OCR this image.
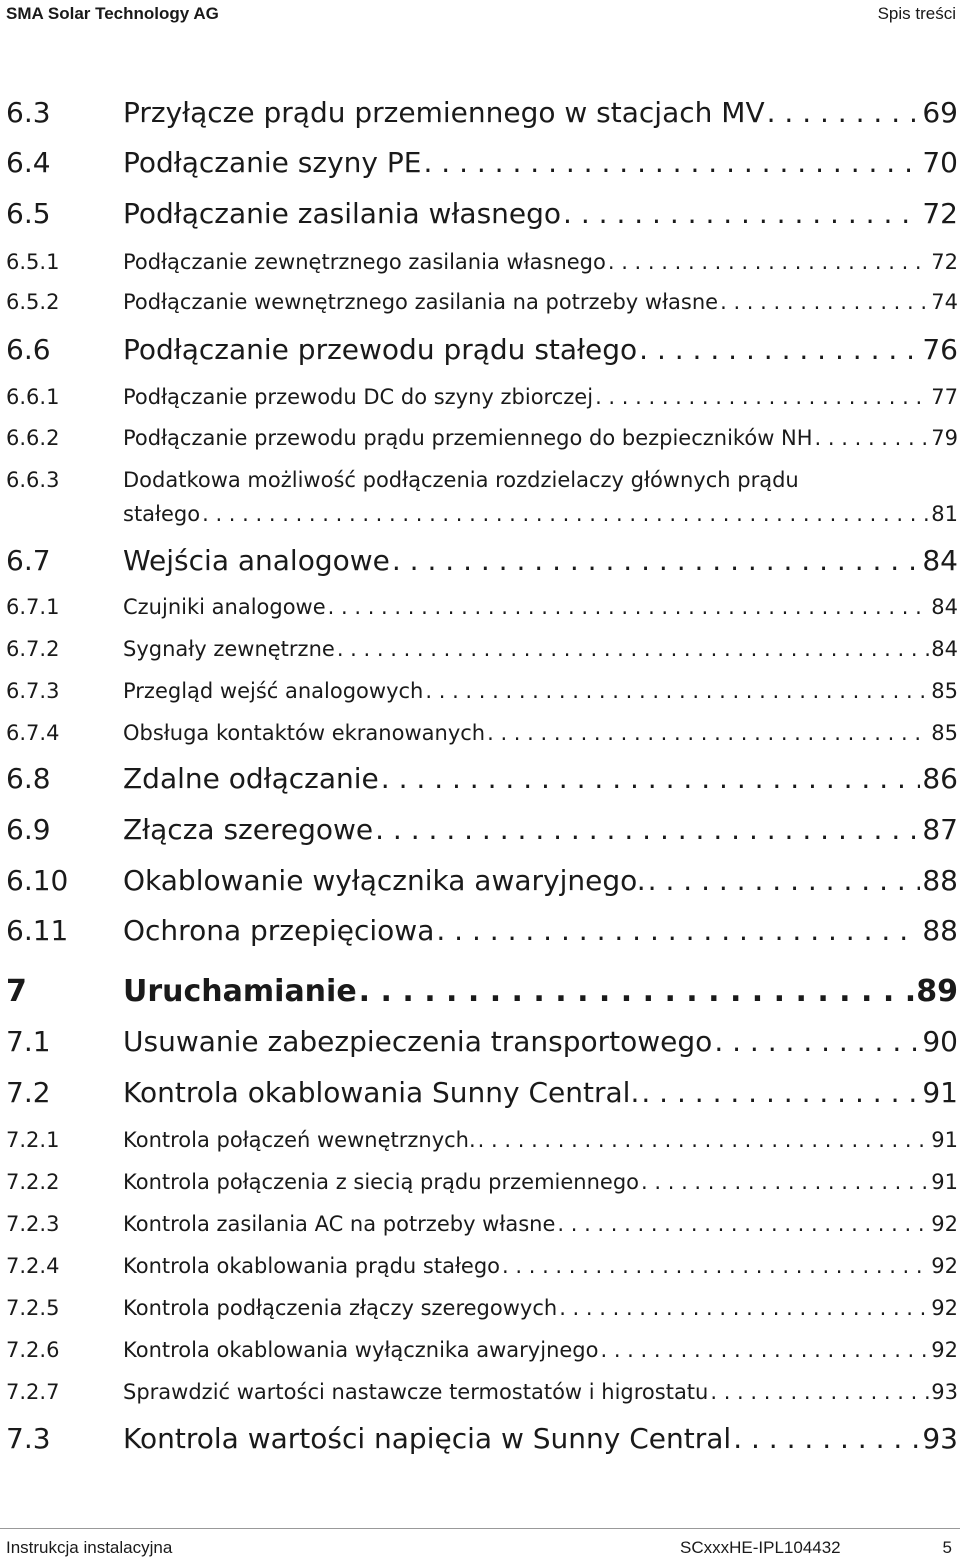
SMA Solar Technology AG	Spis treści
6.3	Przyłącze prądu przemiennego w stacjach MV . . .	69
6.4	Podłączanie szyny PE . . .	70
6.5	Podłączanie zasilania własnego . . .	72
6.5.1	Podłączanie zewnętrznego zasilania własnego . . .	72
6.5.2	Podłączanie wewnętrznego zasilania na potrzeby własne . . .	74
6.6	Podłączanie przewodu prądu stałego . . .	76
6.6.1	Podłączanie przewodu DC do szyny zbiorczej . . .	77
6.6.2	Podłączanie przewodu prądu przemiennego do bezpieczników NH . . .	79
6.6.3	Dodatkowa możliwość podłączenia rozdzielaczy głównych prądu
stałego . . .	81
6.7	Wejścia analogowe . . .	84
6.7.1	Czujniki analogowe . . .	84
6.7.2	Sygnały zewnętrzne . . .	84
6.7.3	Przegląd wejść analogowych . . .	85
6.7.4	Obsługa kontaktów ekranowanych . . .	85
6.8	Zdalne odłączanie . . .	86
6.9	Złącza szeregowe . . .	87
6.10 Okablowanie wyłącznika awaryjnego. . . .	88
6.11 Ochrona przepięciowa . . .	88
7	Uruchamianie . . .	89
7.1	Usuwanie zabezpieczenia transportowego . . .	90
7.2	Kontrola okablowania Sunny Central. . . .	91
7.2.1	Kontrola połączeń wewnętrznych. . . .	91
7.2.2	Kontrola połączenia z siecią prądu przemiennego . . .	91
7.2.3	Kontrola zasilania AC na potrzeby własne . . .	92
7.2.4	Kontrola okablowania prądu stałego . . .	92
7.2.5	Kontrola podłączenia złączy szeregowych . . .	92
7.2.6	Kontrola okablowania wyłącznika awaryjnego . . .	92
7.2.7	Sprawdzić wartości nastawcze termostatów i higrostatu . . .	93
7.3	Kontrola wartości napięcia w Sunny Central . . .	93
Instrukcja instalacyjna	SCxxxHE-IPL104432	5
